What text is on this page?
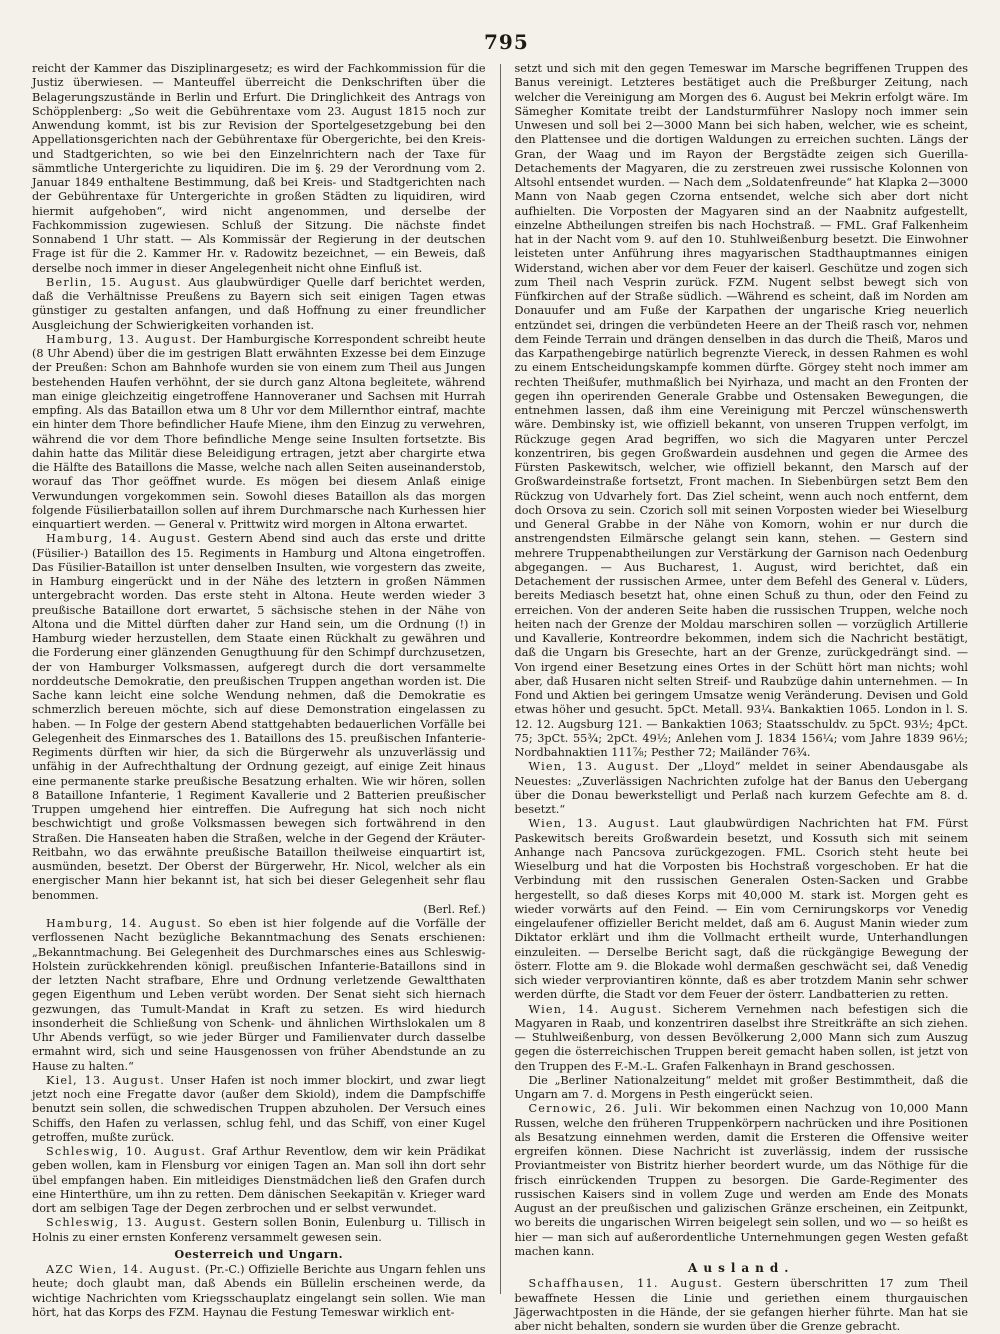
795

reicht der Kammer das Disziplinargesetz; es wird der Fachkommission für die Justiz überwiesen. — Manteuffel überreicht die Denkschriften über die Belagerungszustände in Berlin und Erfurt. Die Dringlichkeit des Antrags von Schöpplenberg: „So weit die Gebührentaxe vom 23. August 1815 noch zur Anwendung kommt, ist bis zur Revision der Sportelgesetzgebung bei den Appellationsgerichten nach der Gebührentaxe für Obergerichte, bei den Kreis- und Stadtgerichten, so wie bei den Einzelnrichtern nach der Taxe für sämmtliche Untergerichte zu liquidiren. Die im §. 29 der Verordnung vom 2. Januar 1849 enthaltene Bestimmung, daß bei Kreis- und Stadtgerichten nach der Gebührentaxe für Untergerichte in großen Städten zu liquidiren, wird hiermit aufgehoben“, wird nicht angenommen, und derselbe der Fachkommission zugewiesen. Schluß der Sitzung. Die nächste findet Sonnabend 1 Uhr statt. — Als Kommissär der Regierung in der deutschen Frage ist für die 2. Kammer Hr. v. Radowitz bezeichnet, — ein Beweis, daß derselbe noch immer in dieser Angelegenheit nicht ohne Einfluß ist.

Berlin, 15. August. Aus glaubwürdiger Quelle darf berichtet werden, daß die Verhältnisse Preußens zu Bayern sich seit einigen Tagen etwas günstiger zu gestalten anfangen, und daß Hoffnung zu einer freundlicher Ausgleichung der Schwierigkeiten vorhanden ist.

Hamburg, 13. August. Der Hamburgische Korrespondent schreibt heute (8 Uhr Abend) über die im gestrigen Blatt erwähnten Exzesse bei dem Einzuge der Preußen: Schon am Bahnhofe wurden sie von einem zum Theil aus Jungen bestehenden Haufen verhöhnt, der sie durch ganz Altona begleitete, während man einige gleichzeitig eingetroffene Hannoveraner und Sachsen mit Hurrah empfing. Als das Bataillon etwa um 8 Uhr vor dem Millernthor eintraf, machte ein hinter dem Thore befindlicher Haufe Miene, ihm den Einzug zu verwehren, während die vor dem Thore befindliche Menge seine Insulten fortsetzte. Bis dahin hatte das Militär diese Beleidigung ertragen, jetzt aber chargirte etwa die Hälfte des Bataillons die Masse, welche nach allen Seiten auseinanderstob, worauf das Thor geöffnet wurde. Es mögen bei diesem Anlaß einige Verwundungen vorgekommen sein. Sowohl dieses Bataillon als das morgen folgende Füsilierbataillon sollen auf ihrem Durchmarsche nach Kurhessen hier einquartiert werden. — General v. Prittwitz wird morgen in Altona erwartet.

Hamburg, 14. August. Gestern Abend sind auch das erste und dritte (Füsilier-) Bataillon des 15. Regiments in Hamburg und Altona eingetroffen. Das Füsilier-Bataillon ist unter denselben Insulten, wie vorgestern das zweite, in Hamburg eingerückt und in der Nähe des letztern in großen Nämmen untergebracht worden. Das erste steht in Altona. Heute werden wieder 3 preußische Bataillone dort erwartet, 5 sächsische stehen in der Nähe von Altona und die Mittel dürften daher zur Hand sein, um die Ordnung (!) in Hamburg wieder herzustellen, dem Staate einen Rückhalt zu gewähren und die Forderung einer glänzenden Genugthuung für den Schimpf durchzusetzen, der von Hamburger Volksmassen, aufgeregt durch die dort versammelte norddeutsche Demokratie, den preußischen Truppen angethan worden ist. Die Sache kann leicht eine solche Wendung nehmen, daß die Demokratie es schmerzlich bereuen möchte, sich auf diese Demonstration eingelassen zu haben. — In Folge der gestern Abend stattgehabten bedauerlichen Vorfälle bei Gelegenheit des Einmarsches des 1. Bataillons des 15. preußischen Infanterie-Regiments dürften wir hier, da sich die Bürgerwehr als unzuverlässig und unfähig in der Aufrechthaltung der Ordnung gezeigt, auf einige Zeit hinaus eine permanente starke preußische Besatzung erhalten. Wie wir hören, sollen 8 Bataillone Infanterie, 1 Regiment Kavallerie und 2 Batterien preußischer Truppen umgehend hier eintreffen. Die Aufregung hat sich noch nicht beschwichtigt und große Volksmassen bewegen sich fortwährend in den Straßen. Die Hanseaten haben die Straßen, welche in der Gegend der Kräuter-Reitbahn, wo das erwähnte preußische Bataillon theilweise einquartirt ist, ausmünden, besetzt. Der Oberst der Bürgerwehr, Hr. Nicol, welcher als ein energischer Mann hier bekannt ist, hat sich bei dieser Gelegenheit sehr flau benommen.

(Berl. Ref.)

Hamburg, 14. August. So eben ist hier folgende auf die Vorfälle der verflossenen Nacht bezügliche Bekanntmachung des Senats erschienen: „Bekanntmachung. Bei Gelegenheit des Durchmarsches eines aus Schleswig-Holstein zurückkehrenden königl. preußischen Infanterie-Bataillons sind in der letzten Nacht strafbare, Ehre und Ordnung verletzende Gewaltthaten gegen Eigenthum und Leben verübt worden. Der Senat sieht sich hiernach gezwungen, das Tumult-Mandat in Kraft zu setzen. Es wird hiedurch insonderheit die Schließung von Schenk- und ähnlichen Wirthslokalen um 8 Uhr Abends verfügt, so wie jeder Bürger und Familienvater durch dasselbe ermahnt wird, sich und seine Hausgenossen von früher Abendstunde an zu Hause zu halten.“

Kiel, 13. August. Unser Hafen ist noch immer blockirt, und zwar liegt jetzt noch eine Fregatte davor (außer dem Skiold), indem die Dampfschiffe benutzt sein sollen, die schwedischen Truppen abzuholen. Der Versuch eines Schiffs, den Hafen zu verlassen, schlug fehl, und das Schiff, von einer Kugel getroffen, mußte zurück.

Schleswig, 10. August. Graf Arthur Reventlow, dem wir kein Prädikat geben wollen, kam in Flensburg vor einigen Tagen an. Man soll ihn dort sehr übel empfangen haben. Ein mitleidiges Dienstmädchen ließ den Grafen durch eine Hinterthüre, um ihn zu retten. Dem dänischen Seekapitän v. Krieger ward dort am selbigen Tage der Degen zerbrochen und er selbst verwundet.

Schleswig, 13. August. Gestern sollen Bonin, Eulenburg u. Tillisch in Holnis zu einer ernsten Konferenz versammelt gewesen sein.

Oesterreich und Ungarn.

AZC Wien, 14. August. (Pr.-C.) Offizielle Berichte aus Ungarn fehlen uns heute; doch glaubt man, daß Abends ein Büllelin erscheinen werde, da wichtige Nachrichten vom Kriegsschauplatz eingelangt sein sollen. Wie man hört, hat das Korps des FZM. Haynau die Festung Temeswar wirklich ent-

setzt und sich mit den gegen Temeswar im Marsche begriffenen Truppen des Banus vereinigt. Letzteres bestätiget auch die Preßburger Zeitung, nach welcher die Vereinigung am Morgen des 6. August bei Mekrin erfolgt wäre. Im Sämegher Komitate treibt der Landsturmführer Naslopy noch immer sein Unwesen und soll bei 2—3000 Mann bei sich haben, welcher, wie es scheint, den Plattensee und die dortigen Waldungen zu erreichen suchten. Längs der Gran, der Waag und im Rayon der Bergstädte zeigen sich Guerilla-Detachements der Magyaren, die zu zerstreuen zwei russische Kolonnen von Altsohl entsendet wurden. — Nach dem „Soldatenfreunde“ hat Klapka 2—3000 Mann von Naab gegen Czorna entsendet, welche sich aber dort nicht aufhielten. Die Vorposten der Magyaren sind an der Naabnitz aufgestellt, einzelne Abtheilungen streifen bis nach Hochstraß. — FML. Graf Falkenheim hat in der Nacht vom 9. auf den 10. Stuhlweißenburg besetzt. Die Einwohner leisteten unter Anführung ihres magyarischen Stadthauptmannes einigen Widerstand, wichen aber vor dem Feuer der kaiserl. Geschütze und zogen sich zum Theil nach Vesprin zurück. FZM. Nugent selbst bewegt sich von Fünfkirchen auf der Straße südlich. —Während es scheint, daß im Norden am Donauufer und am Fuße der Karpathen der ungarische Krieg neuerlich entzündet sei, dringen die verbündeten Heere an der Theiß rasch vor, nehmen dem Feinde Terrain und drängen denselben in das durch die Theiß, Maros und das Karpathengebirge natürlich begrenzte Viereck, in dessen Rahmen es wohl zu einem Entscheidungskampfe kommen dürfte. Görgey steht noch immer am rechten Theißufer, muthmaßlich bei Nyirhaza, und macht an den Fronten der gegen ihn operirenden Generale Grabbe und Ostensaken Bewegungen, die entnehmen lassen, daß ihm eine Vereinigung mit Perczel wünschenswerth wäre. Dembinsky ist, wie offiziell bekannt, von unseren Truppen verfolgt, im Rückzuge gegen Arad begriffen, wo sich die Magyaren unter Perczel konzentriren, bis gegen Großwardein ausdehnen und gegen die Armee des Fürsten Paskewitsch, welcher, wie offiziell bekannt, den Marsch auf der Großwardeinstraße fortsetzt, Front machen. In Siebenbürgen setzt Bem den Rückzug von Udvarhely fort. Das Ziel scheint, wenn auch noch entfernt, dem doch Orsova zu sein. Czorich soll mit seinen Vorposten wieder bei Wieselburg und General Grabbe in der Nähe von Komorn, wohin er nur durch die anstrengendsten Eilmärsche gelangt sein kann, stehen. — Gestern sind mehrere Truppenabtheilungen zur Verstärkung der Garnison nach Oedenburg abgegangen. — Aus Bucharest, 1. August, wird berichtet, daß ein Detachement der russischen Armee, unter dem Befehl des General v. Lüders, bereits Mediasch besetzt hat, ohne einen Schuß zu thun, oder den Feind zu erreichen. Von der anderen Seite haben die russischen Truppen, welche noch heiten nach der Grenze der Moldau marschiren sollen — vorzüglich Artillerie und Kavallerie, Kontreordre bekommen, indem sich die Nachricht bestätigt, daß die Ungarn bis Gresechte, hart an der Grenze, zurückgedrängt sind. — Von irgend einer Besetzung eines Ortes in der Schütt hört man nichts; wohl aber, daß Husaren nicht selten Streif- und Raubzüge dahin unternehmen. — In Fond und Aktien bei geringem Umsatze wenig Veränderung. Devisen und Gold etwas höher und gesucht. 5pCt. Metall. 93¼. Bankaktien 1065. London in l. S. 12. 12. Augsburg 121. — Bankaktien 1063; Staatsschuldv. zu 5pCt. 93½; 4pCt. 75; 3pCt. 55¾; 2pCt. 49½; Anlehen vom J. 1834 156¼; vom Jahre 1839 96½; Nordbahnaktien 111⅞; Pesther 72; Mailänder 76¾.

Wien, 13. August. Der „Lloyd“ meldet in seiner Abendausgabe als Neuestes: „Zuverlässigen Nachrichten zufolge hat der Banus den Uebergang über die Donau bewerkstelligt und Perlaß nach kurzem Gefechte am 8. d. besetzt.“

Wien, 13. August. Laut glaubwürdigen Nachrichten hat FM. Fürst Paskewitsch bereits Großwardein besetzt, und Kossuth sich mit seinem Anhange nach Pancsova zurückgezogen. FML. Csorich steht heute bei Wieselburg und hat die Vorposten bis Hochstraß vorgeschoben. Er hat die Verbindung mit den russischen Generalen Osten-Sacken und Grabbe hergestellt, so daß dieses Korps mit 40,000 M. stark ist. Morgen geht es wieder vorwärts auf den Feind. — Ein vom Cernirungskorps vor Venedig eingelaufener offizieller Bericht meldet, daß am 6. August Manin wieder zum Diktator erklärt und ihm die Vollmacht ertheilt wurde, Unterhandlungen einzuleiten. — Derselbe Bericht sagt, daß die rückgängige Bewegung der österr. Flotte am 9. die Blokade wohl dermaßen geschwächt sei, daß Venedig sich wieder verproviantiren könnte, daß es aber trotzdem Manin sehr schwer werden dürfte, die Stadt vor dem Feuer der österr. Landbatterien zu retten.

Wien, 14. August. Sicherem Vernehmen nach befestigen sich die Magyaren in Raab, und konzentriren daselbst ihre Streitkräfte an sich ziehen. — Stuhlweißenburg, von dessen Bevölkerung 2,000 Mann sich zum Auszug gegen die österreichischen Truppen bereit gemacht haben sollen, ist jetzt von den Truppen des F.-M.-L. Grafen Falkenhayn in Brand geschossen.

Die „Berliner Nationalzeitung“ meldet mit großer Bestimmtheit, daß die Ungarn am 7. d. Morgens in Pesth eingerückt seien.

Cernowic, 26. Juli. Wir bekommen einen Nachzug von 10,000 Mann Russen, welche den früheren Truppenkörpern nachrücken und ihre Positionen als Besatzung einnehmen werden, damit die Ersteren die Offensive weiter ergreifen können. Diese Nachricht ist zuverlässig, indem der russische Proviantmeister von Bistritz hierher beordert wurde, um das Nöthige für die frisch einrückenden Truppen zu besorgen. Die Garde-Regimenter des russischen Kaisers sind in vollem Zuge und werden am Ende des Monats August an der preußischen und galizischen Gränze erscheinen, ein Zeitpunkt, wo bereits die ungarischen Wirren beigelegt sein sollen, und wo — so heißt es hier — man sich auf außerordentliche Unternehmungen gegen Westen gefaßt machen kann.

Ausland.

Schaffhausen, 11. August. Gestern überschritten 17 zum Theil bewaffnete Hessen die Linie und geriethen einem thurgauischen Jägerwachtposten in die Hände, der sie gefangen hierher führte. Man hat sie aber nicht behalten, sondern sie wurden über die Grenze gebracht.
